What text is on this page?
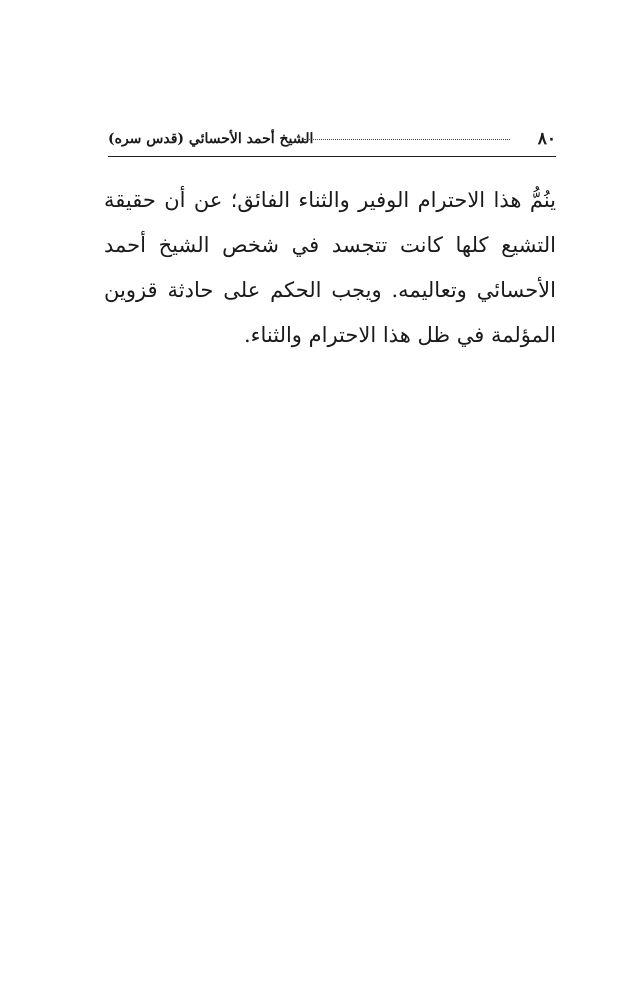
٨٠
الشيخ أحمد الأحسائي (قدس سره)

ينُمُّ هذا الاحترام الوفير والثناء الفائق؛ عن أن حقيقة التشيع كلها كانت تتجسد في شخص الشيخ أحمد الأحسائي وتعاليمه. ويجب الحكم على حادثة قزوين المؤلمة في ظل هذا الاحترام والثناء.
